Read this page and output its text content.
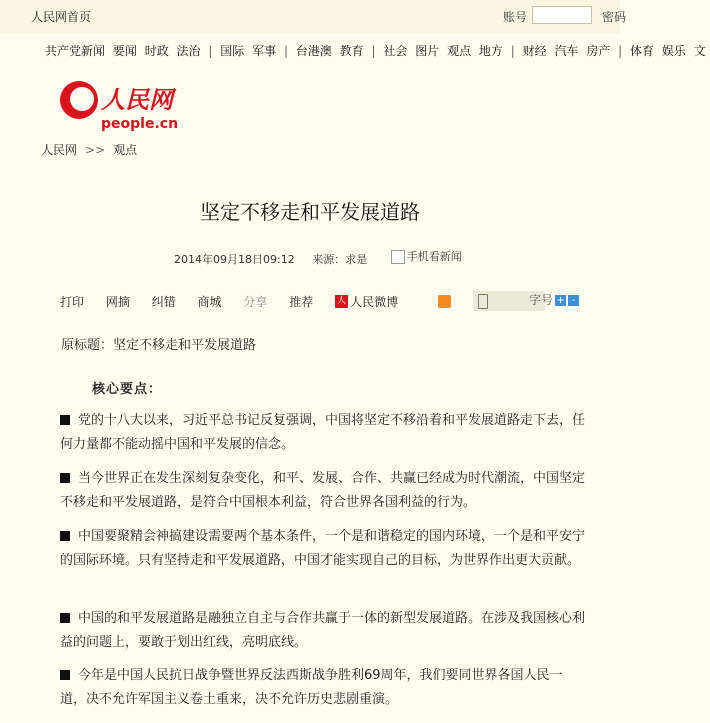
人民网首页	账号	密码
共产党新闻 要闻 时政 法治 | 国际 军事 | 台港澳 教育 | 社会 图片 观点 地方 | 财经 汽车 房产 | 体育 娱乐 文
人民网
people.cn
人民网 >> 观点
坚定不移走和平发展道路
2014年09月18日09:12 来源：求是	手机看新闻
打印 网摘 纠错 商城 分享 推荐	人 人民微博
	字号 + -
原标题：坚定不移走和平发展道路
核心要点：
党的十八大以来，习近平总书记反复强调，中国将坚定不移沿着和平发展道路走下去，任何力量都不能动摇中国和平发展的信念。
当今世界正在发生深刻复杂变化，和平、发展、合作、共赢已经成为时代潮流，中国坚定不移走和平发展道路，是符合中国根本利益，符合世界各国利益的行为。
中国要聚精会神搞建设需要两个基本条件，一个是和谐稳定的国内环境，一个是和平安宁的国际环境。只有坚持走和平发展道路，中国才能实现自己的目标，为世界作出更大贡献。
中国的和平发展道路是融独立自主与合作共赢于一体的新型发展道路。在涉及我国核心利益的问题上，要敢于划出红线，亮明底线。
今年是中国人民抗日战争暨世界反法西斯战争胜利69周年，我们要同世界各国人民一道，决不允许军国主义卷土重来，决不允许历史悲剧重演。
